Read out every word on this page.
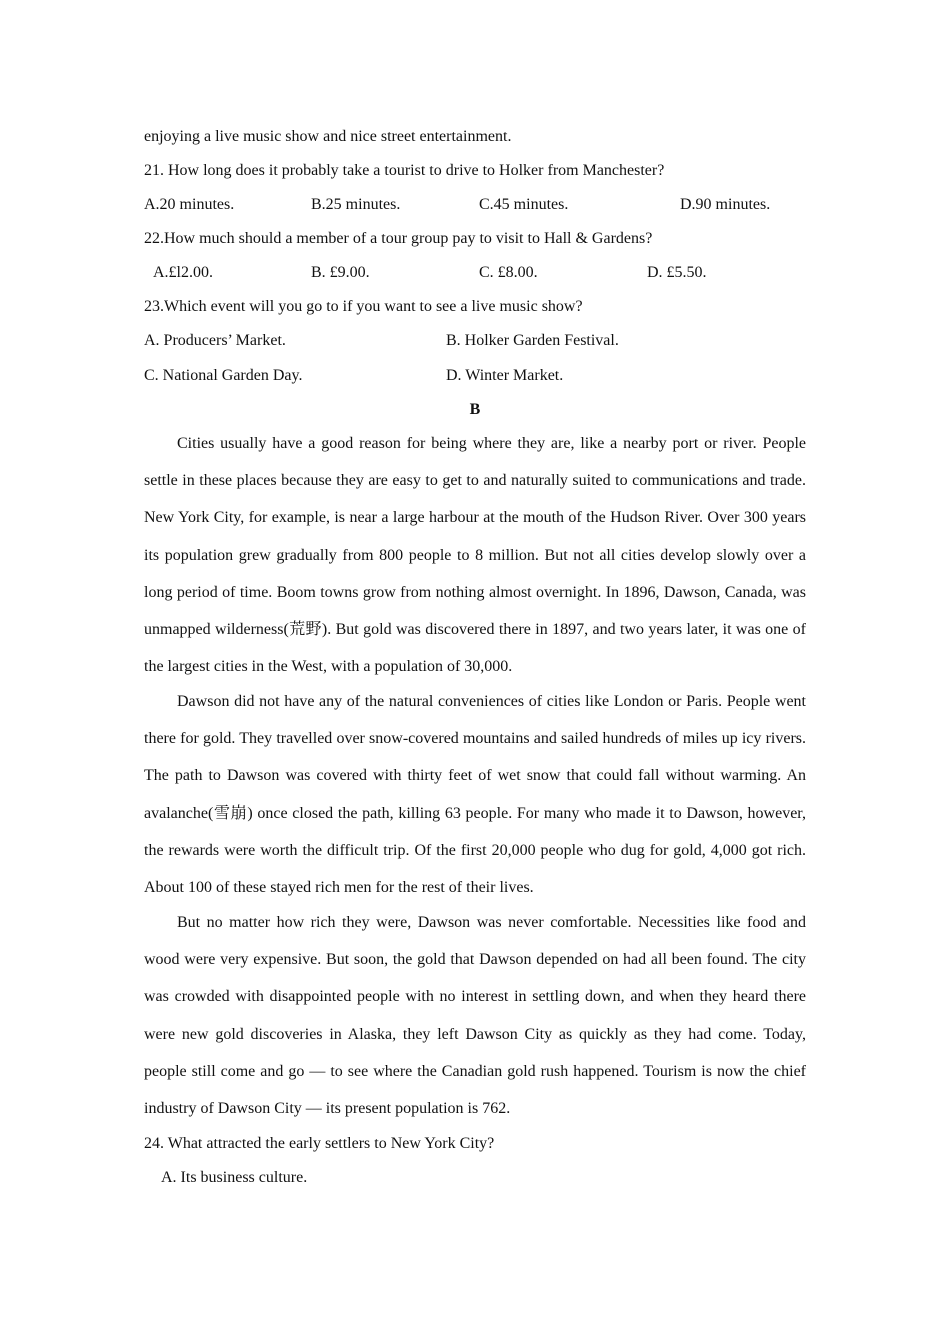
enjoying a live music show and nice street entertainment.
21. How long does it probably take a tourist to drive to Holker from Manchester?
A.20 minutes.	B.25 minutes.	C.45 minutes.	D.90 minutes.
22.How much should a member of a tour group pay to visit to Hall & Gardens?
A.£l2.00.	B. £9.00.	C. £8.00.	D. £5.50.
23.Which event will you go to if you want to see a live music show?
A. Producers’ Market.	B. Holker Garden Festival.
C. National Garden Day.	D. Winter Market.
B

Cities usually have a good reason for being where they are, like a nearby port or river. People settle in these places because they are easy to get to and naturally suited to communications and trade. New York City, for example, is near a large harbour at the mouth of the Hudson River. Over 300 years its population grew gradually from 800 people to 8 million. But not all cities develop slowly over a long period of time. Boom towns grow from nothing almost overnight. In 1896, Dawson, Canada, was unmapped wilderness(荒野). But gold was discovered there in 1897, and two years later, it was one of the largest cities in the West, with a population of 30,000.

Dawson did not have any of the natural conveniences of cities like London or Paris. People went there for gold. They travelled over snow-covered mountains and sailed hundreds of miles up icy rivers. The path to Dawson was covered with thirty feet of wet snow that could fall without warming. An avalanche(雪崩) once closed the path, killing 63 people. For many who made it to Dawson, however, the rewards were worth the difficult trip. Of the first 20,000 people who dug for gold, 4,000 got rich. About 100 of these stayed rich men for the rest of their lives.

But no matter how rich they were, Dawson was never comfortable. Necessities like food and wood were very expensive. But soon, the gold that Dawson depended on had all been found. The city was crowded with disappointed people with no interest in settling down, and when they heard there were new gold discoveries in Alaska, they left Dawson City as quickly as they had come. Today, people still come and go — to see where the Canadian gold rush happened. Tourism is now the chief industry of Dawson City — its present population is 762.

24. What attracted the early settlers to New York City?
A. Its business culture.
